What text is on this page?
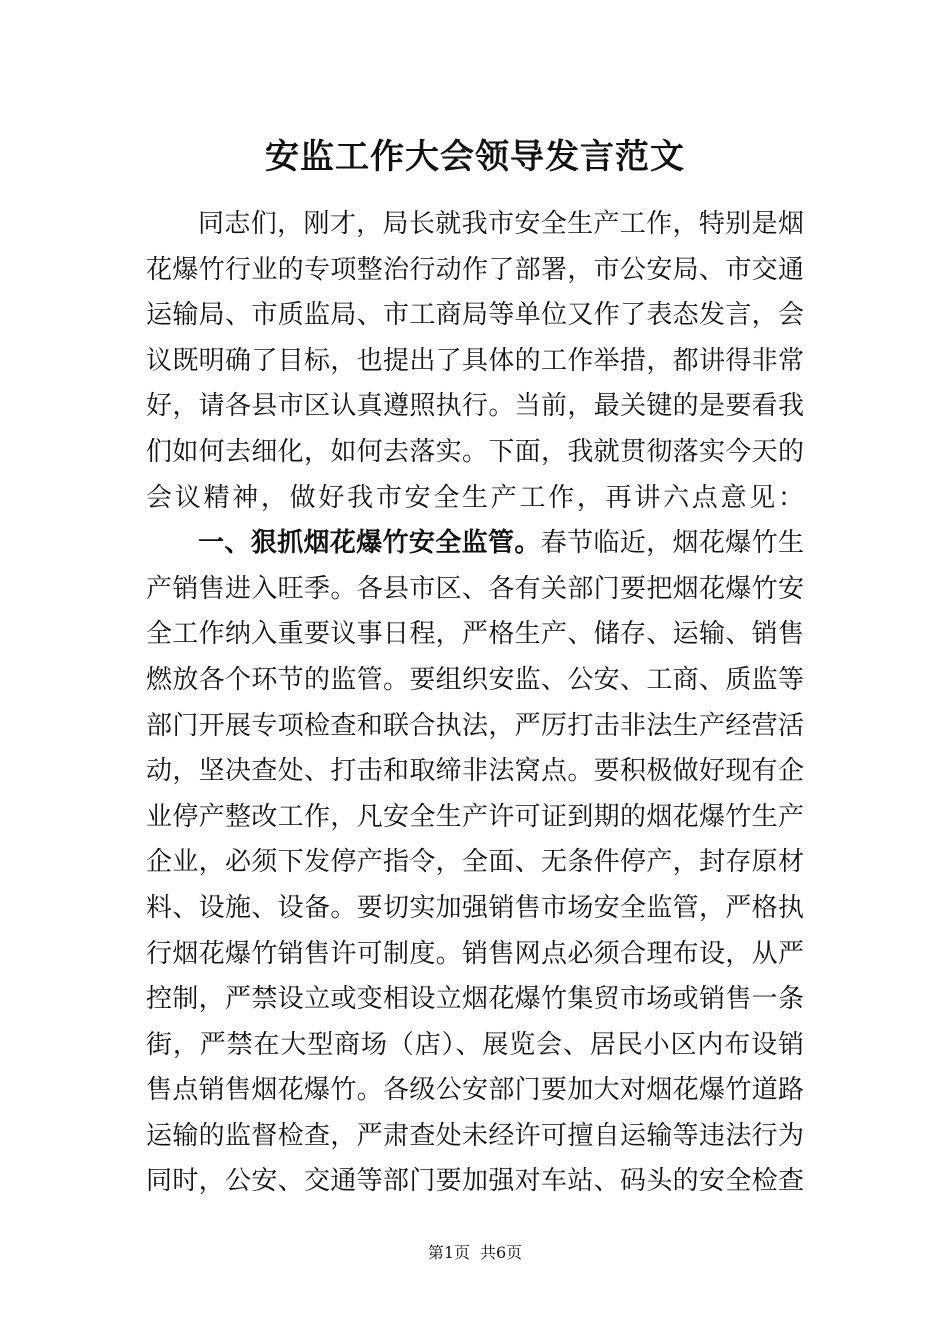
安监工作大会领导发言范文

同志们，刚才，局长就我市安全生产工作，特别是烟花爆竹行业的专项整治行动作了部署，市公安局、市交通运输局、市质监局、市工商局等单位又作了表态发言，会议既明确了目标，也提出了具体的工作举措，都讲得非常好，请各县市区认真遵照执行。当前，最关键的是要看我们如何去细化，如何去落实。下面，我就贯彻落实今天的会议精神，做好我市安全生产工作，再讲六点意见：

一、狠抓烟花爆竹安全监管。春节临近，烟花爆竹生产销售进入旺季。各县市区、各有关部门要把烟花爆竹安全工作纳入重要议事日程，严格生产、储存、运输、销售燃放各个环节的监管。要组织安监、公安、工商、质监等部门开展专项检查和联合执法，严厉打击非法生产经营活动，坚决查处、打击和取缔非法窝点。要积极做好现有企业停产整改工作，凡安全生产许可证到期的烟花爆竹生产企业，必须下发停产指令，全面、无条件停产，封存原材料、设施、设备。要切实加强销售市场安全监管，严格执行烟花爆竹销售许可制度。销售网点必须合理布设，从严控制，严禁设立或变相设立烟花爆竹集贸市场或销售一条街，严禁在大型商场（店）、展览会、居民小区内布设销售点销售烟花爆竹。各级公安部门要加大对烟花爆竹道路运输的监督检查，严肃查处未经许可擅自运输等违法行为同时，公安、交通等部门要加强对车站、码头的安全检查

第1页 共6页
